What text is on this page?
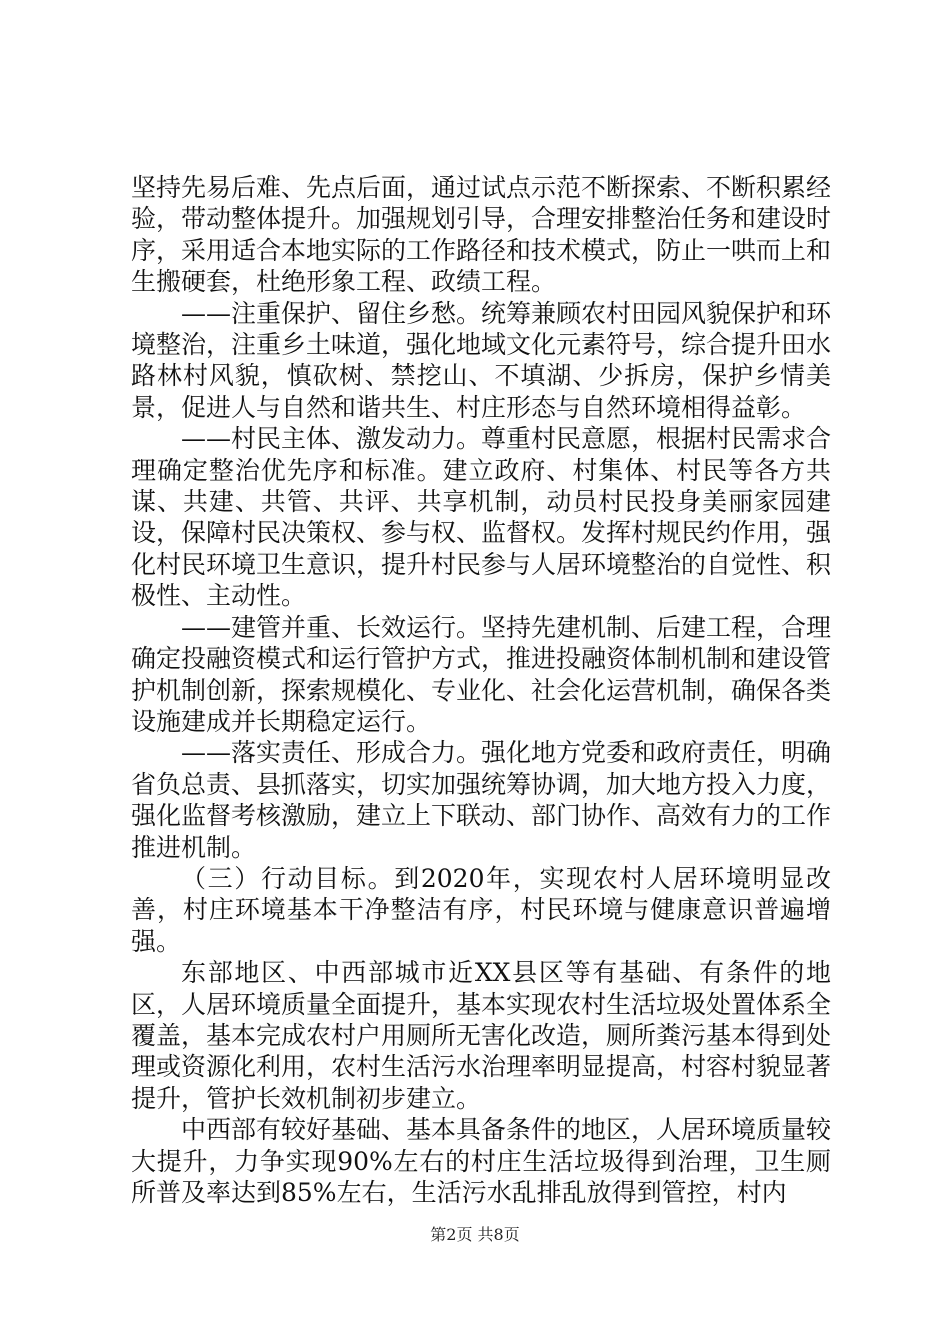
坚持先易后难、先点后面，通过试点示范不断探索、不断积累经验，带动整体提升。加强规划引导，合理安排整治任务和建设时序，采用适合本地实际的工作路径和技术模式，防止一哄而上和生搬硬套，杜绝形象工程、政绩工程。

——注重保护、留住乡愁。统筹兼顾农村田园风貌保护和环境整治，注重乡土味道，强化地域文化元素符号，综合提升田水路林村风貌，慎砍树、禁挖山、不填湖、少拆房，保护乡情美景，促进人与自然和谐共生、村庄形态与自然环境相得益彰。

——村民主体、激发动力。尊重村民意愿，根据村民需求合理确定整治优先序和标准。建立政府、村集体、村民等各方共谋、共建、共管、共评、共享机制，动员村民投身美丽家园建设，保障村民决策权、参与权、监督权。发挥村规民约作用，强化村民环境卫生意识，提升村民参与人居环境整治的自觉性、积极性、主动性。

——建管并重、长效运行。坚持先建机制、后建工程，合理确定投融资模式和运行管护方式，推进投融资体制机制和建设管护机制创新，探索规模化、专业化、社会化运营机制，确保各类设施建成并长期稳定运行。

——落实责任、形成合力。强化地方党委和政府责任，明确省负总责、县抓落实，切实加强统筹协调，加大地方投入力度，强化监督考核激励，建立上下联动、部门协作、高效有力的工作推进机制。

（三）行动目标。到2020年，实现农村人居环境明显改善，村庄环境基本干净整洁有序，村民环境与健康意识普遍增强。

东部地区、中西部城市近XX县区等有基础、有条件的地区，人居环境质量全面提升，基本实现农村生活垃圾处置体系全覆盖，基本完成农村户用厕所无害化改造，厕所粪污基本得到处理或资源化利用，农村生活污水治理率明显提高，村容村貌显著提升，管护长效机制初步建立。

中西部有较好基础、基本具备条件的地区，人居环境质量较大提升，力争实现90%左右的村庄生活垃圾得到治理，卫生厕所普及率达到85%左右，生活污水乱排乱放得到管控，村内

第2页 共8页
